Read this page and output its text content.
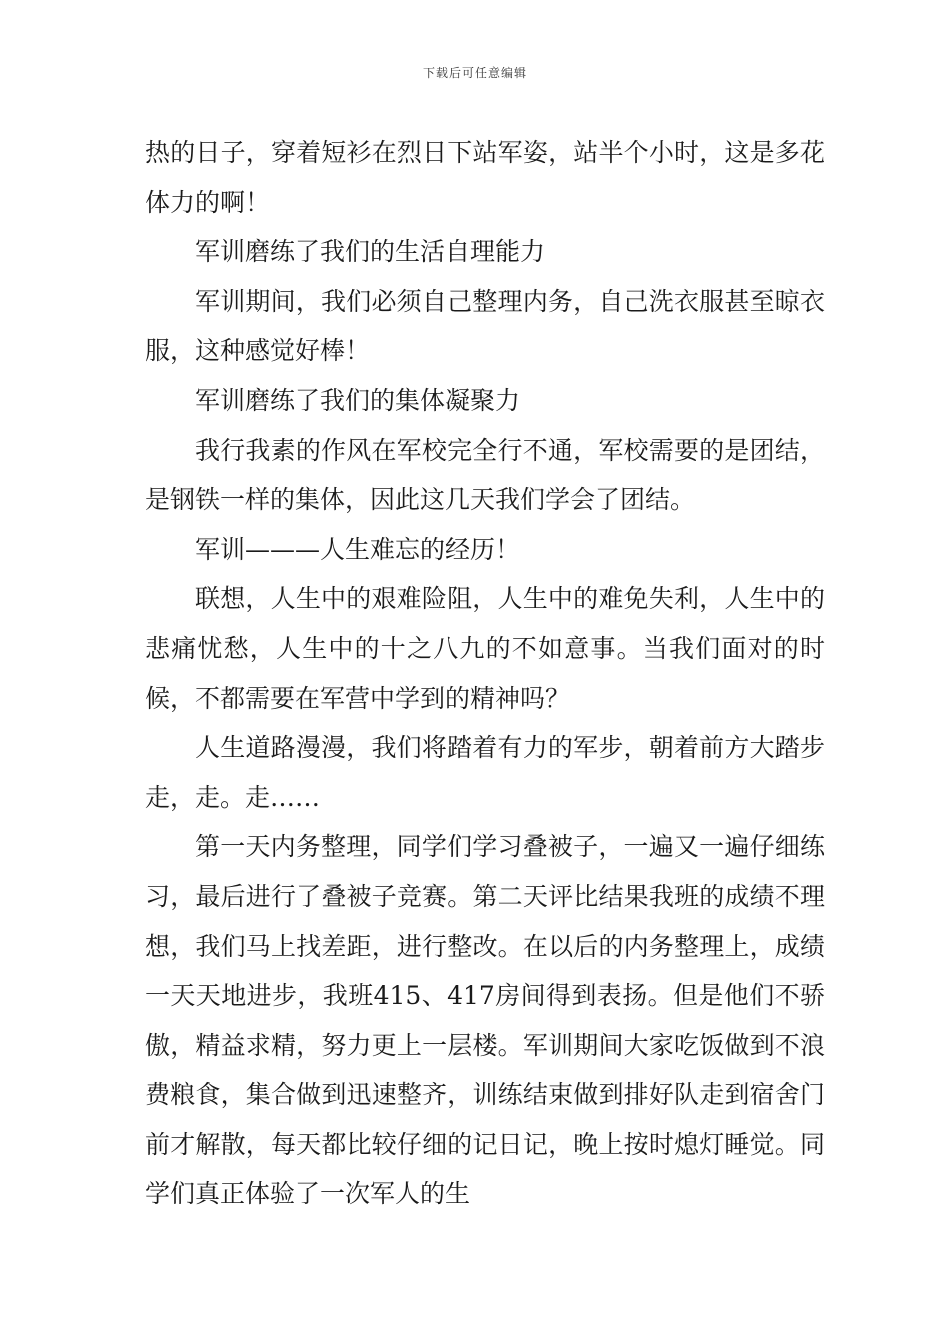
下载后可任意编辑

热的日子，穿着短衫在烈日下站军姿，站半个小时，这是多花体力的啊！

军训磨练了我们的生活自理能力

军训期间，我们必须自己整理内务，自己洗衣服甚至晾衣服，这种感觉好棒！

军训磨练了我们的集体凝聚力

我行我素的作风在军校完全行不通，军校需要的是团结，是钢铁一样的集体，因此这几天我们学会了团结。

军训———人生难忘的经历！

联想，人生中的艰难险阻，人生中的难免失利，人生中的悲痛忧愁，人生中的十之八九的不如意事。当我们面对的时候，不都需要在军营中学到的精神吗？

人生道路漫漫，我们将踏着有力的军步，朝着前方大踏步走，走。走……

第一天内务整理，同学们学习叠被子，一遍又一遍仔细练习，最后进行了叠被子竞赛。第二天评比结果我班的成绩不理想，我们马上找差距，进行整改。在以后的内务整理上，成绩一天天地进步，我班415、417房间得到表扬。但是他们不骄傲，精益求精，努力更上一层楼。军训期间大家吃饭做到不浪费粮食，集合做到迅速整齐，训练结束做到排好队走到宿舍门前才解散，每天都比较仔细的记日记，晚上按时熄灯睡觉。同学们真正体验了一次军人的生
